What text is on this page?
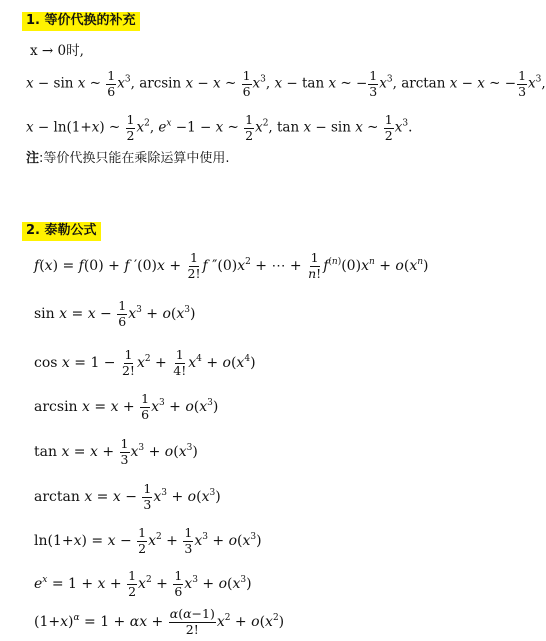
1. 等价代换的补充
x → 0时,
x − sin x ~ $\frac{1}{6} x^3$, arcsin x − x ~ $\frac{1}{6} x^3$, x − tan x ~ − $\frac{1}{3} x^3$, arctan x − x ~ − $\frac{1}{3} x^3$,
x − ln(1+x) ~ $\frac{1}{2} x^2$, $e^x -1 - x$ ~ $\frac{1}{2} x^2$, tan x − sin x ~ $\frac{1}{2} x^3$.
注:等价代换只能在乘除运算中使用.
2. 泰勒公式
f(x) = f(0) + f $'(0)x + \frac{1}{2!}$ f $''(0)x^2$ + ⋯ + $\frac{1}{n!} f^{(n)}(0)x^n + o(x^n)$
$\sin x = x - \frac{1}{6} x^3 + o(x^3)$
$\cos x = 1 - \frac{1}{2!} x^2 + \frac{1}{4!} x^4 + o(x^4)$
$\arcsin x = x + \frac{1}{6} x^3 + o(x^3)$
$\tan x = x + \frac{1}{3} x^3 + o(x^3)$
$\arctan x = x - \frac{1}{3} x^3 + o(x^3)$
$\ln(1+x) = x - \frac{1}{2} x^2 + \frac{1}{3} x^3 + o(x^3)$
$e^x = 1 + x + \frac{1}{2} x^2 + \frac{1}{6} x^3 + o(x^3)$
$(1+x)^\alpha = 1 + \alpha x + \frac{\alpha(\alpha-1)}{2!} x^2 + o(x^2)$
